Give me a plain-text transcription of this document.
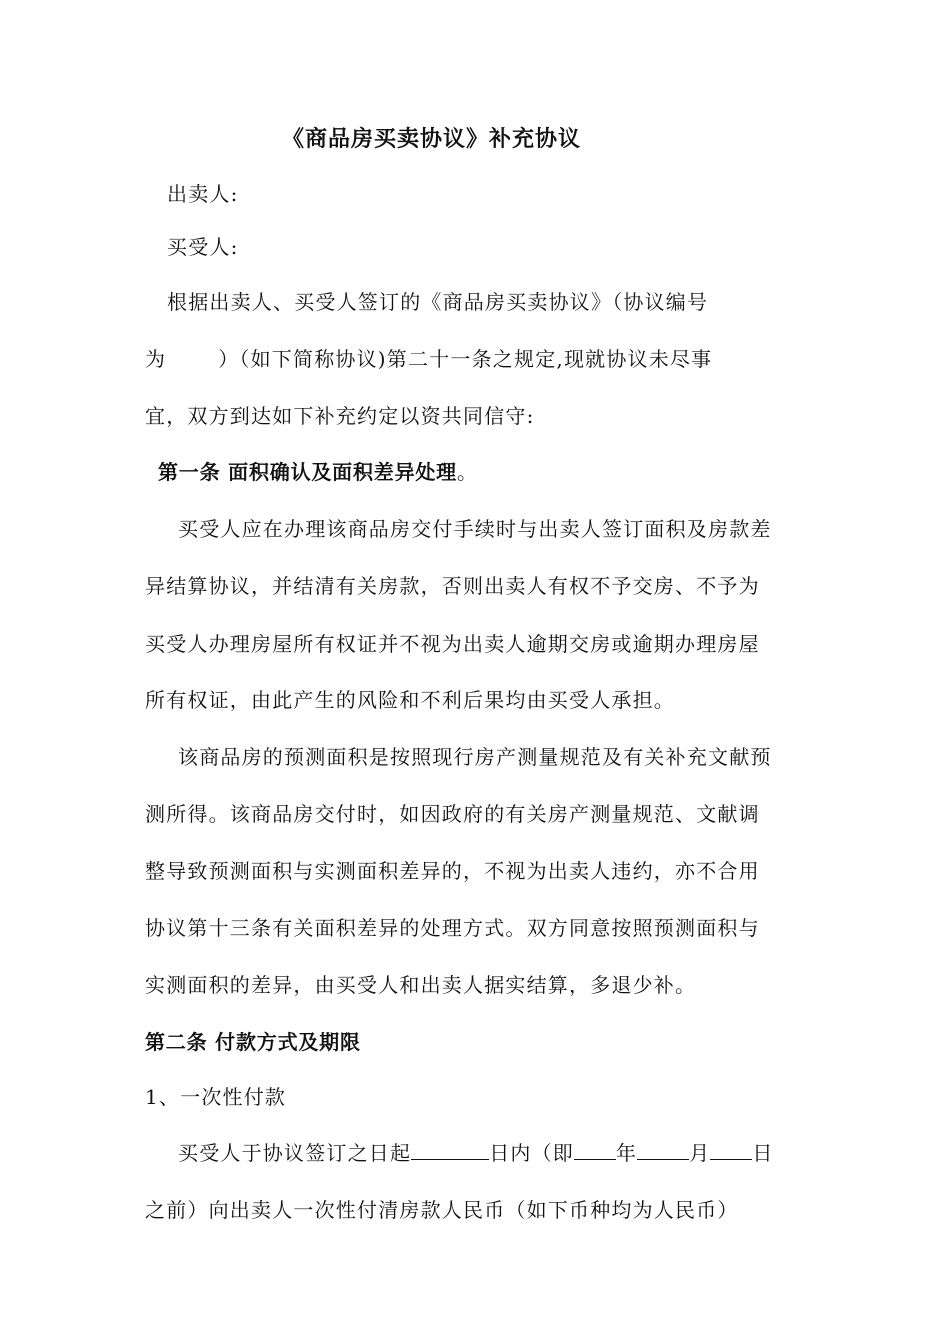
《商品房买卖协议》补充协议
出卖人:
买受人:
根据出卖人、买受人签订的《商品房买卖协议》（协议编号
为	）（如下简称协议)第二十一条之规定,现就协议未尽事
宜，双方到达如下补充约定以资共同信守:
第一条 面积确认及面积差异处理。
买受人应在办理该商品房交付手续时与出卖人签订面积及房款差
异结算协议，并结清有关房款，否则出卖人有权不予交房、不予为
买受人办理房屋所有权证并不视为出卖人逾期交房或逾期办理房屋
所有权证，由此产生的风险和不利后果均由买受人承担。
该商品房的预测面积是按照现行房产测量规范及有关补充文献预
测所得。该商品房交付时，如因政府的有关房产测量规范、文献调
整导致预测面积与实测面积差异的，不视为出卖人违约，亦不合用
协议第十三条有关面积差异的处理方式。双方同意按照预测面积与
实测面积的差异，由买受人和出卖人据实结算，多退少补。
第二条 付款方式及期限
1、一次性付款
买受人于协议签订之日起	日内（即 年	月 日
之前）向出卖人一次性付清房款人民币（如下币种均为人民币）
